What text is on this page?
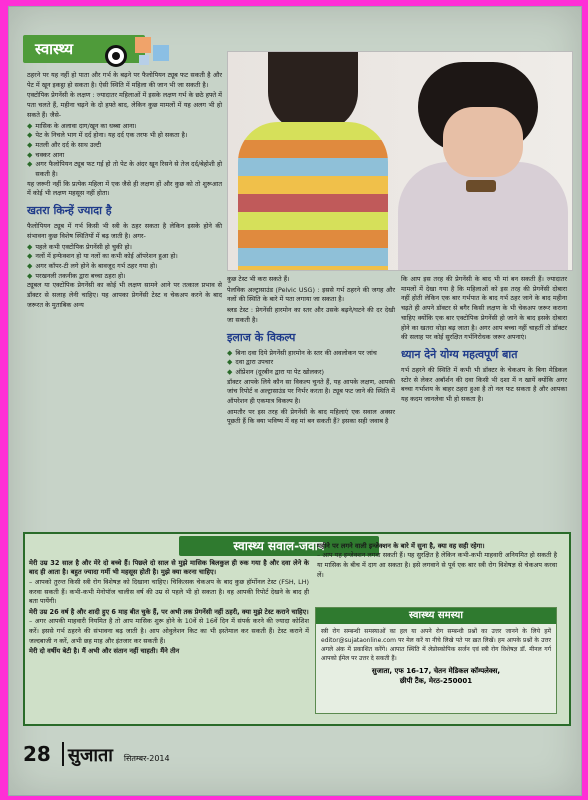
स्वास्थ्य

ठहरने पर यह नहीं हो पाता और गर्भ के बढ़ने पर फैलोपियन ट्यूब फट सकती है और पेट में खून इकट्ठा हो सकता है। ऐसी स्थिति में महिला की जान भी जा सकती है।

एक्टोपिक प्रेगनेंसी के लक्षण : ज्यादातर महिलाओं में इसके लक्षण गर्भ के छठे हफ्ते में पता चलते हैं, महीना चढ़ने के दो हफ्ते बाद, लेकिन कुछ मामलों में यह अलग भी हो सकते हैं। जैसे-

◆ मासिक के अलावा दाग/खून का धब्बा आना।
◆ पेट के निचले भाग में दर्द होना। यह दर्द एक तरफ भी हो सकता है।
◆ मतली और दर्द के साथ उल्टी
◆ चक्कर आना
◆ अगर फैलोपियन ट्यूब फट गई हो तो पेट के अंदर खून रिसने से तेज दर्द/बेहोशी हो सकती है।

यह जरूरी नहीं कि प्रत्येक महिला में एक जैसे ही लक्षण हों और कुछ को तो शुरूआत में कोई भी लक्षण महसूस नहीं होता।

खतरा किन्हें ज्यादा है

फैलोपियन ट्यूब में गर्भ किसी भी स्त्री के ठहर सकता है लेकिन इसके होने की संभावना कुछ विशेष स्थितियों में बढ़ जाती है। अगर-

◆ पहले कभी एक्टोपिक प्रेगनेंसी हो चुकी हो।
◆ नलों में इन्फेक्शन हो या नलों का कभी कोई ऑपरेशन हुआ हो।
◆ अगर कॉपर-टी लगे होने के बावजूद गर्भ ठहर गया हो।
◆ परखनली तकनीक द्वारा बच्चा ठहरा हो।

ट्यूबल या एक्टोपिक प्रेगनेंसी का कोई भी लक्षण सामने आने पर तत्काल प्रभाव से डॉक्टर से सलाह लेनी चाहिए। यह आपका प्रेगनेंसी टेस्ट व चेकअप करने के बाद जरूरत के मुताबिक अन्य

कुछ टेस्ट भी करा सकते हैं।

पेलविक अल्ट्रासाउंड (Pelvic USG) : इससे गर्भ ठहरने की जगह और नलों की स्थिति के बारे में पता लगाया जा सकता है।

ब्लड टेस्ट : प्रेगनेंसी हारमोन का स्तर और उसके बढ़ने/घटने की दर देखी जा सकती है।

इलाज के विकल्प
◆ बिना दवा दिये प्रेगनेंसी हारमोन के स्तर की अवलोकन पर जांच
◆ दवा द्वारा उपचार
◆ ऑप्रेशन (दूरबीन द्वारा या पेट खोलकर)

डॉक्टर आपके लिये कौन सा विकल्प चुनते हैं, यह आपके लक्षण, आपकी जांच रिपोर्ट व अल्ट्रासाउंड पर निर्भर करता है। ट्यूब फट जाने की स्थिति में ऑपरेशन ही एकमात्र विकल्प है।

आमतौर पर इस तरह की प्रेगनेंसी के बाद महिलाएं एक सवाल अक्सर पूछती हैं कि क्या भविष्य में वह मां बन सकती हैं? इसका सही जवाब है

कि आप इस तरह की प्रेगनेंसी के बाद भी मां बन सकती हैं। ज्यादातर मामलों में देखा गया है कि महिलाओं को इस तरह की प्रेगनेंसी दोबारा नहीं होती लेकिन एक बार गर्भपात के बाद गर्भ ठहर जाने के बाद महीना चढ़ते ही अपने डॉक्टर से बगैर किसी लक्षण के भी चेकअप जरूर कराना चाहिए क्योंकि एक बार एक्टोपिक प्रेगनेंसी हो जाने के बाद इसके दोबारा होने का खतरा थोड़ा बढ़ जाता है। अगर आप बच्चा नहीं चाहतीं तो डॉक्टर की सलाह पर कोई सुरक्षित गर्भनिरोधक जरूर अपनाएं।

ध्यान देने योग्य महत्वपूर्ण बात

गर्भ ठहरने की स्थिति में कभी भी डॉक्टर के चेकअप के बिना मेडिकल स्टोर से लेकर अबॉर्शन की दवा किसी भी दशा में न खायें क्योंकि अगर बच्चा गर्भाशय के बाहर ठहरा हुआ है तो नल फट सकता है और आपका यह कदम जानलेवा भी हो सकता है।

स्वास्थ्य सवाल-जवाब
मेरी उम्र 32 साल है और मेरे दो बच्चे हैं। पिछले दो साल से मुझे मासिक बिलकुल ही रुक गया है और दवा लेने के बाद ही आता है। बहुत ज्यादा गर्मी भी महसूस होती है। मुझे क्या करना चाहिए।

– आपको तुरन्त किसी स्त्री रोग विशेषज्ञ को दिखाना चाहिए। चिकित्सक चेकअप के बाद कुछ हॉर्मोनल टेस्ट (FSH, LH) करवा सकती हैं। कभी-कभी मेनोपॉज चालीस वर्ष की उम्र से पहले भी हो सकता है। वह आपकी रिपोर्ट देखने के बाद ही बता पायेंगी।

मेरी उम्र 26 वर्ष है और शादी हुए 6 माह बीत चुके हैं, पर अभी तक प्रेगनेंसी नहीं ठहरी, क्या मुझे टेस्ट कराने चाहिए।

– अगर आपकी माहवारी नियमित है तो आप मासिक शुरू होने के 10वें से 16वें दिन में संपर्क करने की ज्यादा कोशिश करें। इससे गर्भ ठहरने की संभावना बढ़ जाती है। आप ओवुलेशन किट का भी इस्तेमाल कर सकती हैं। टेस्ट कराने में जल्दबाजी न करें, अभी छह माह और इंतजार कर सकती हैं।

मेरी दो वर्षीय बेटी है। मैं अभी और संतान नहीं चाहती। मैंने तीन
महीने पर लगने वाली इन्जेक्शन के बारे में सुना है, क्या वह सही रहेगा।

– आप यह इन्जेक्शन लगवा सकती हैं। यह सुरक्षित है लेकिन कभी-कभी माहवारी अनियमित हो सकती है या मासिक के बीच में दाग आ सकता है। इसे लगवाने से पूर्व एक बार स्त्री रोग विशेषज्ञ से चेकअप करवा लें।

स्वास्थ्य समस्या
स्त्री रोग सम्बन्धी समस्याओं का हल या अपने रोग सम्बन्धी प्रश्नों का उत्तर जानने के लिये हमें editor@sujataonline.com पर मेल करें या नीचे लिखे पते पर ख़त लिखें। हम आपके प्रश्नों के उत्तर अगले अंक में प्रकाशित करेंगे। आपात स्थिति में लेप्रोस्कोपिक सर्जन एवं स्त्री रोग विशेषज्ञ डॉ. मीनल गर्ग आपको ईमेल पर उत्तर दे सकती हैं।
सुजाता, एफ 16-17, चेतन मेडिकल कॉम्पलेक्स,
छीपी टैंक, मेरठ-250001
28 सुजाता सितम्बर-2014
